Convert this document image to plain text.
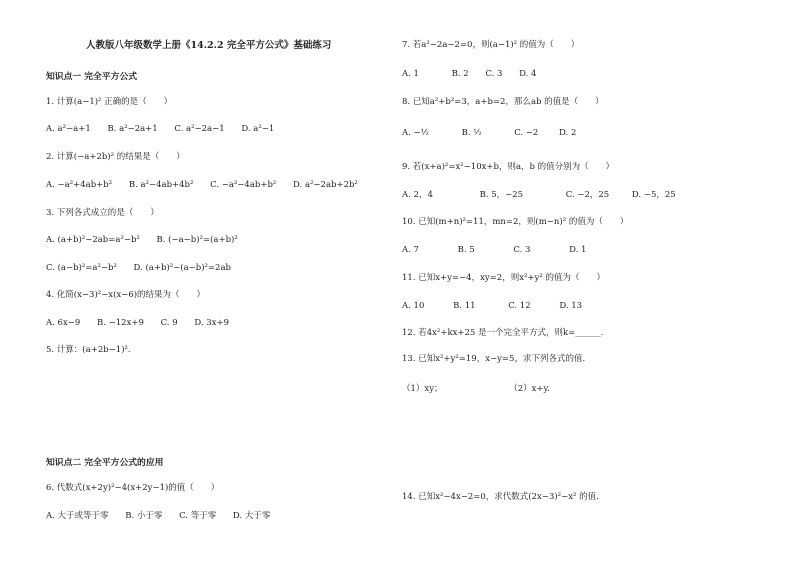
人教版八年级数学上册《14.2.2 完全平方公式》基础练习
知识点一 完全平方公式
1. 计算(a−1)² 正确的是（　　）
A. a²−a+1 B. a²−2a+1 C. a²−2a−1 D. a²−1
2. 计算(−a+2b)² 的结果是（　　）
A. −a²+4ab+b² B. a²−4ab+4b² C. −a²−4ab+b² D. a²−2ab+2b²
3. 下列各式成立的是（　　）
A. (a+b)²−2ab=a²−b² B. (−a−b)²=(a+b)²
C. (a−b)²=a²−b² D. (a+b)²−(a−b)²=2ab
4. 化简(x−3)²−x(x−6)的结果为（　　）
A. 6x−9 B. −12x+9 C. 9 D. 3x+9
5. 计算：(a+2b−1)².
知识点二 完全平方公式的应用
6. 代数式(x+2y)²−4(x+2y−1)的值（　　）
A. 大于或等于零 B. 小于零 C. 等于零 D. 大于零
7. 若a²−2a−2=0，则(a−1)² 的值为（　　）
A. 1	B. 2 C. 3 D. 4
8. 已知a²+b²=3，a+b=2，那么ab 的值是（　　）
A. −½	B. ½	C. −2 D. 2
9. 若(x+a)²=x²−10x+b，则a，b 的值分别为（　　）
A. 2，4	B. 5，−25	C. −2，25	D. −5，25
10. 已知(m+n)²=11，mn=2，则(m−n)² 的值为（　　）
A. 7	B. 5	C. 3	D. 1
11. 已知x+y=−4，xy=2，则x²+y² 的值为（　　）
A. 10	B. 11	C. 12	D. 13
12. 若4x²+kx+25 是一个完全平方式，则k=______.
13. 已知x²+y²=19，x−y=5，求下列各式的值.
（1）xy；	（2）x+y.
14. 已知x²−4x−2=0，求代数式(2x−3)²−x² 的值.
